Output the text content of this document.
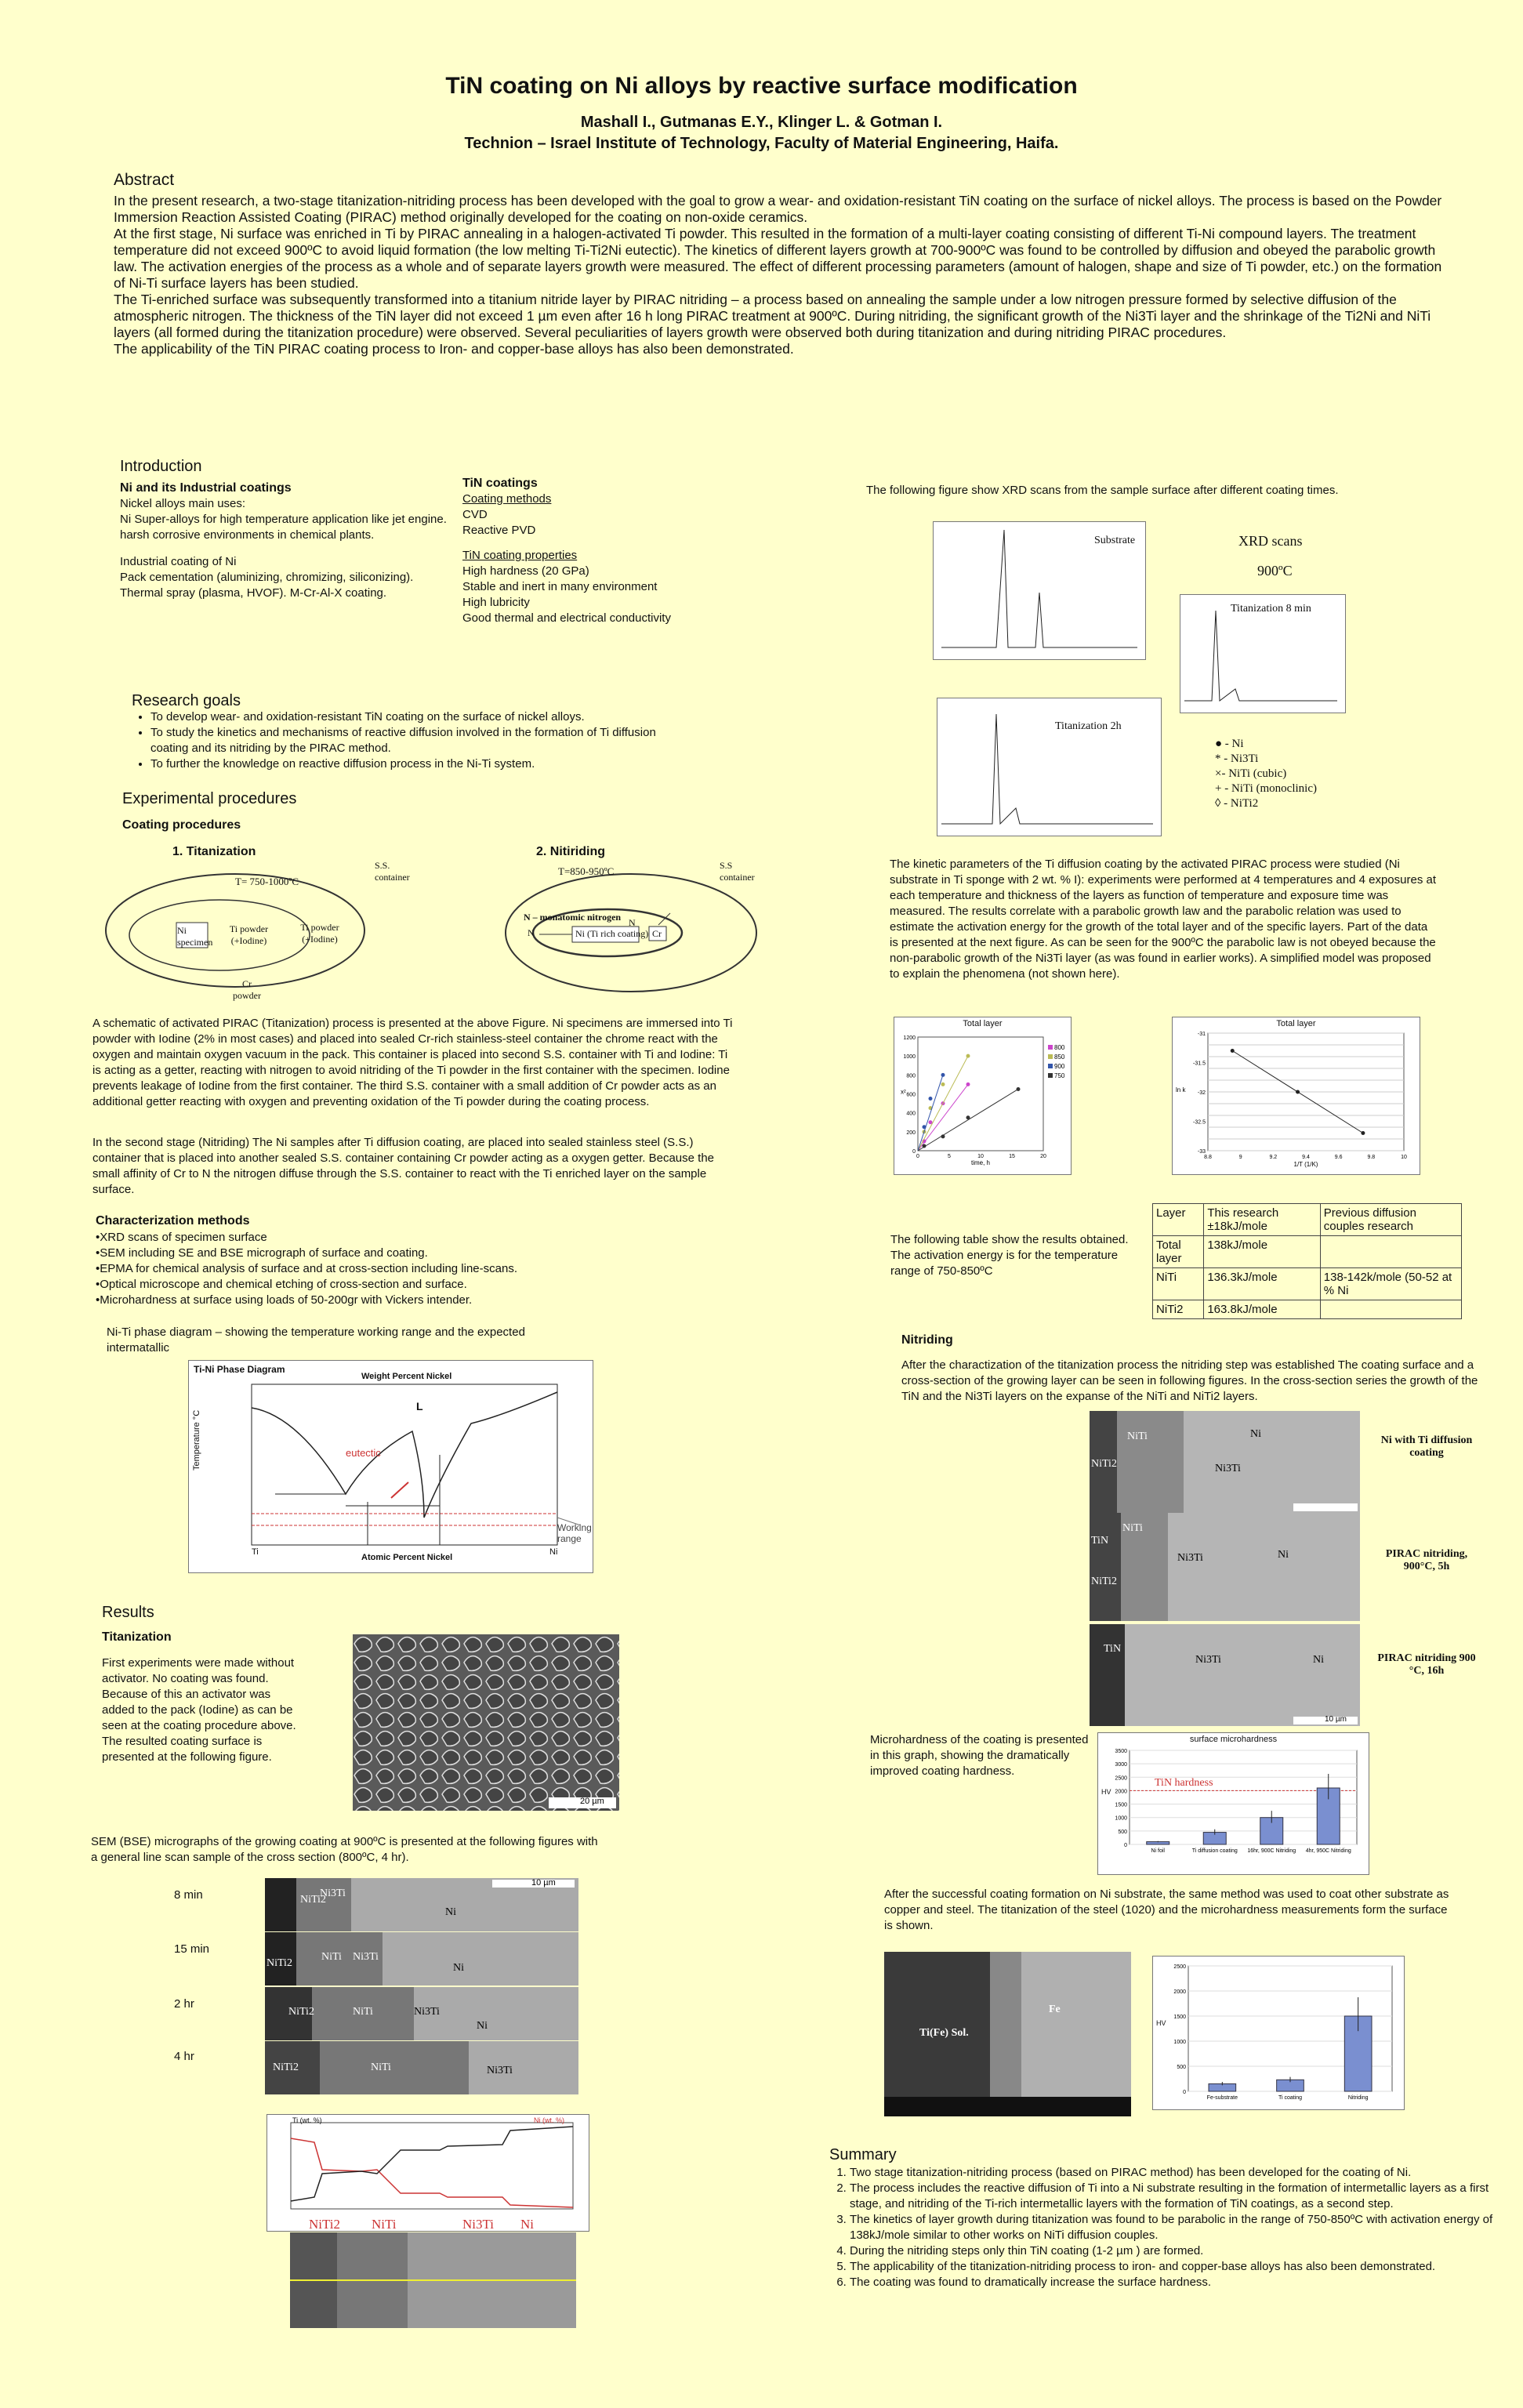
TiN coating on Ni alloys by reactive surface modification
Mashall I., Gutmanas E.Y., Klinger L. & Gotman I.
Technion – Israel Institute of Technology, Faculty of Material Engineering, Haifa.
Abstract

In the present research, a two-stage titanization-nitriding process has been developed with the goal to grow a wear- and oxidation-resistant TiN coating on the surface of nickel alloys. The process is based on the Powder Immersion Reaction Assisted Coating (PIRAC) method originally developed for the coating on non-oxide ceramics.

At the first stage, Ni surface was enriched in Ti by PIRAC annealing in a halogen-activated Ti powder. This resulted in the formation of a multi-layer coating consisting of different Ti-Ni compound layers. The treatment temperature did not exceed 900ºC to avoid liquid formation (the low melting Ti-Ti2Ni eutectic). The kinetics of different layers growth at 700-900ºC was found to be controlled by diffusion and obeyed the parabolic growth law. The activation energies of the process as a whole and of separate layers growth were measured. The effect of different processing parameters (amount of halogen, shape and size of Ti powder, etc.) on the formation of Ni-Ti surface layers has been studied.

The Ti-enriched surface was subsequently transformed into a titanium nitride layer by PIRAC nitriding – a process based on annealing the sample under a low nitrogen pressure formed by selective diffusion of the atmospheric nitrogen. The thickness of the TiN layer did not exceed 1 µm even after 16 h long PIRAC treatment at 900ºC. During nitriding, the significant growth of the Ni3Ti layer and the shrinkage of the Ti2Ni and NiTi layers (all formed during the titanization procedure) were observed. Several peculiarities of layers growth were observed both during titanization and during nitriding PIRAC procedures.

The applicability of the TiN PIRAC coating process to Iron- and copper-base alloys has also been demonstrated.

Introduction
Ni and its Industrial coatings
Nickel alloys main uses:
Ni Super-alloys for high temperature application like jet engine.
harsh corrosive environments in chemical plants.
Industrial coating of Ni
Pack cementation (aluminizing, chromizing, siliconizing).
Thermal spray (plasma, HVOF). M-Cr-Al-X coating.
TiN coatings
Coating methods
CVD
Reactive PVD
TiN coating properties
High hardness (20 GPa)
Stable and inert in many environment
High lubricity
Good thermal and electrical conductivity
Research goals
• To develop wear- and oxidation-resistant TiN coating on the surface of nickel alloys.
• To study the kinetics and mechanisms of reactive diffusion involved in the formation of Ti diffusion coating and its nitriding by the PIRAC method.
• To further the knowledge on reactive diffusion process in the Ni-Ti system.
Experimental procedures
Coating procedures
1. Titanization	2. Nitiriding
T= 750-1000ºC
S.S. container
Ni specimen
Ti powder (+Iodine)
Ti powder (+Iodine)
Cr powder
T=850-950ºC	S.S container
N – monatomic nitrogen
Ni (Ti rich coating) Cr
N
N
A schematic of activated PIRAC (Titanization) process is presented at the above Figure. Ni specimens are immersed into Ti powder with Iodine (2% in most cases) and placed into sealed Cr-rich stainless-steel container the chrome react with the oxygen and maintain oxygen vacuum in the pack. This container is placed into second S.S. container with Ti and Iodine: Ti is acting as a getter, reacting with nitrogen to avoid nitriding of the Ti powder in the first container with the specimen. Iodine prevents leakage of Iodine from the first container. The third S.S. container with a small addition of Cr powder acts as an additional getter reacting with oxygen and preventing oxidation of the Ti powder during the coating process.
In the second stage (Nitriding) The Ni samples after Ti diffusion coating, are placed into sealed stainless steel (S.S.) container that is placed into another sealed S.S. container containing Cr powder acting as a oxygen getter. Because the small affinity of Cr to N the nitrogen diffuse through the S.S. container to react with the Ti enriched layer on the sample surface.
Characterization methods
•XRD scans of specimen surface
•SEM including SE and BSE micrograph of surface and coating.
•EPMA for chemical analysis of surface and at cross-section including line-scans.
•Optical microscope and chemical etching of cross-section and surface.
•Microhardness at surface using loads of 50-200gr with Vickers intender.
Ni-Ti phase diagram – showing the temperature working range and the expected intermatallic
Ti-Ni Phase Diagram
Weight Percent Nickel
Atomic Percent Nickel
Temperature °C
L
eutectic
Working range
Ti	Ni
Results
Titanization
First experiments were made without activator. No coating was found. Because of this an activator was added to the pack (Iodine) as can be seen at the coating procedure above. The resulted coating surface is presented at the following figure.
20 µm
SEM (BSE) micrographs of the growing coating at 900ºC is presented at the following figures with a general line scan sample of the cross section (800ºC, 4 hr).
8 min
15 min
2 hr
4 hr
10 µm
NiTi2
Ni3Ti
Ni
NiTi2
NiTi Ni3Ti
Ni
NiTi2	NiTi	Ni3Ti
Ni
NiTi2	NiTi	Ni3Ti
Ti (wt. %)	Ni (wt. %)
NiTi2 NiTi	Ni3Ti Ni
The following figure show XRD scans from the sample surface after different coating times.
Substrate	XRD scans
900ºC
Titanization 8 min
Titanization 2h
● - Ni
* - Ni3Ti
×- NiTi (cubic)
+ - NiTi (monoclinic)
◊ - NiTi2
The kinetic parameters of the Ti diffusion coating by the activated PIRAC process were studied (Ni substrate in Ti sponge with 2 wt. % I): experiments were performed at 4 temperatures and 4 exposures at each temperature and thickness of the layers as function of temperature and exposure time was measured. The results correlate with a parabolic growth law and the parabolic relation was used to estimate the activation energy for the growth of the total layer and of the specific layers. Part of the data is presented at the next figure. As can be seen for the 900ºC the parabolic law is not obeyed because the non-parabolic growth of the Ni3Ti layer (as was found in earlier works). A simplified model was proposed to explain the phenomena (not shown here).
Total layer
800
850
900
750
time, h
x²
0	5	10	15	20
0
200
400
600
800
1000
1200
Total layer
1/T (1/K)
ln k
8.8	9	9.2	9.4	9.6	9.8	10
-31
-31.5
-32
-32.5
-33
The following table show the results obtained. The activation energy is for the temperature range of 750-850ºC
Layer	This research ±18kJ/mole	Previous diffusion couples research
Total layer	138kJ/mole	
NiTi	136.3kJ/mole	138-142k/mole (50-52 at % Ni
NiTi2	163.8kJ/mole	
Nitriding
After the charactization of the titanization process the nitriding step was established The coating surface and a cross-section of the growing layer can be seen in following figures. In the cross-section series the growth of the TiN and the Ni3Ti layers on the expanse of the NiTi and NiTi2 layers.
NiTi2
NiTi
Ni3Ti
Ni
Ni with Ti diffusion coating
TiN
NiTi
NiTi2
Ni3Ti	Ni	PIRAC nitriding, 900°C, 5h
TiN
Ni3Ti	Ni
10 µm
PIRAC nitriding 900 °C, 16h
Microhardness of the coating is presented in this graph, showing the dramatically improved coating hardness.
surface microhardness
0
500
1000
1500
2000
2500
3000
3500
Ni foil	Ti diffusion coating 16hr, 900C Nitriding 4hr, 950C Nitriding
TiN hardness
HV
After the successful coating formation on Ni substrate, the same method was used to coat other substrate as copper and steel. The titanization of the steel (1020) and the microhardness measurements form the surface is shown.
Ti(Fe) Sol.
Fe
0
500
1000
1500
2000
2500
Fe-substrate	Ti coating	Nitriding
HV
Summary
1. Two stage titanization-nitriding process (based on PIRAC method) has been developed for the coating of Ni.
2. The process includes the reactive diffusion of Ti into a Ni substrate resulting in the formation of intermetallic layers as a first stage, and nitriding of the Ti-rich intermetallic layers with the formation of TiN coatings, as a second step.
3. The kinetics of layer growth during titanization was found to be parabolic in the range of 750-850ºC with activation energy of 138kJ/mole similar to other works on NiTi diffusion couples.
4. During the nitriding steps only thin TiN coating (1-2 µm ) are formed.
5. The applicability of the titanization-nitriding process to iron- and copper-base alloys has also been demonstrated.
6. The coating was found to dramatically increase the surface hardness.
